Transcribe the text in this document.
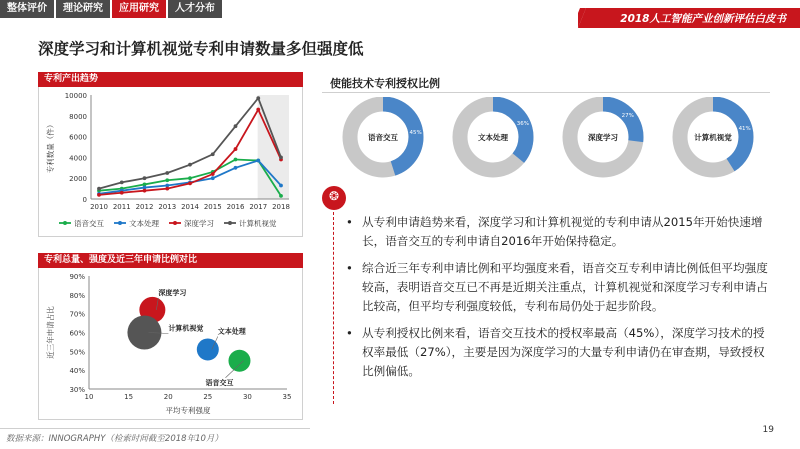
整体评价	理论研究	应用研究	人才分布
2018人工智能产业创新评估白皮书
深度学习和计算机视觉专利申请数量多但强度低
专利产出趋势
0
2000
4000
6000
8000
10000
2010 2011 2012 2013 2014 2015 2016 2017 2018
专利数量（件）
语音交互	文本处理	深度学习	计算机视觉
专利总量、强度及近三年申请比例对比
30%
40%
50%
60%
70%
80%
90%
10	15	20	25	30	35
平均专利强度
近三年申请占比
深度学习
计算机视觉 文本处理
语音交互
使能技术专利授权比例
语音交互
45%
文本处理
36%
深度学习
27%
计算机视觉
41%
❂
• 从专利申请趋势来看，深度学习和计算机视觉的专利申请从2015年开始快速增长，语音交互的专利申请自2016年开始保持稳定。
• 综合近三年专利申请比例和平均强度来看，语音交互专利申请比例低但平均强度较高，表明语音交互已不再是近期关注重点，计算机视觉和深度学习专利申请占比较高，但平均专利强度较低，专利布局仍处于起步阶段。
• 从专利授权比例来看，语音交互技术的授权率最高（45%），深度学习技术的授权率最低（27%），主要是因为深度学习的大量专利申请仍在审查期，导致授权比例偏低。
数据来源：INNOGRAPHY（检索时间截至2018年10月）
19
